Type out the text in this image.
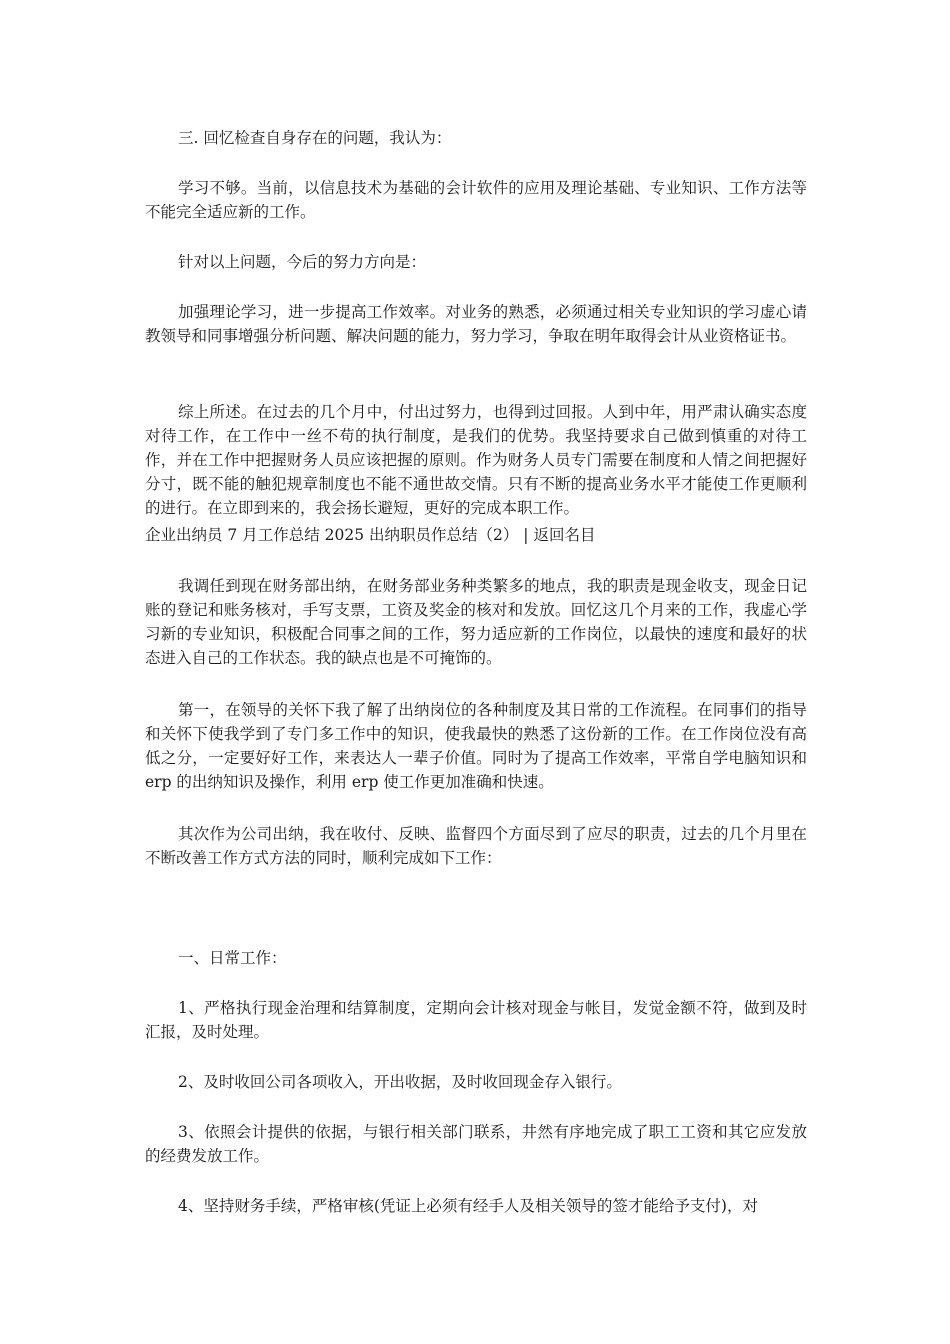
三. 回忆检查自身存在的问题，我认为：

学习不够。当前，以信息技术为基础的会计软件的应用及理论基础、专业知识、工作方法等不能完全适应新的工作。

针对以上问题，今后的努力方向是：

加强理论学习，进一步提高工作效率。对业务的熟悉，必须通过相关专业知识的学习虚心请教领导和同事增强分析问题、解决问题的能力，努力学习，争取在明年取得会计从业资格证书。

综上所述。在过去的几个月中，付出过努力，也得到过回报。人到中年，用严肃认确实态度对待工作，在工作中一丝不苟的执行制度，是我们的优势。我坚持要求自己做到慎重的对待工作，并在工作中把握财务人员应该把握的原则。作为财务人员专门需要在制度和人情之间把握好分寸，既不能的触犯规章制度也不能不通世故交情。只有不断的提高业务水平才能使工作更顺利的进行。在立即到来的，我会扬长避短，更好的完成本职工作。

企业出纳员 7 月工作总结 2025 出纳职员作总结（2） | 返回名目

我调任到现在财务部出纳，在财务部业务种类繁多的地点，我的职责是现金收支，现金日记账的登记和账务核对，手写支票，工资及奖金的核对和发放。回忆这几个月来的工作，我虚心学习新的专业知识，积极配合同事之间的工作，努力适应新的工作岗位，以最快的速度和最好的状态进入自己的工作状态。我的缺点也是不可掩饰的。

第一，在领导的关怀下我了解了出纳岗位的各种制度及其日常的工作流程。在同事们的指导和关怀下使我学到了专门多工作中的知识，使我最快的熟悉了这份新的工作。在工作岗位没有高低之分，一定要好好工作，来表达人一辈子价值。同时为了提高工作效率，平常自学电脑知识和 erp 的出纳知识及操作，利用 erp 使工作更加准确和快速。

其次作为公司出纳，我在收付、反映、监督四个方面尽到了应尽的职责，过去的几个月里在不断改善工作方式方法的同时，顺利完成如下工作：

一、日常工作：

1、严格执行现金治理和结算制度，定期向会计核对现金与帐目，发觉金额不符，做到及时汇报，及时处理。

2、及时收回公司各项收入，开出收据，及时收回现金存入银行。

3、依照会计提供的依据，与银行相关部门联系，井然有序地完成了职工工资和其它应发放的经费发放工作。

4、坚持财务手续，严格审核(凭证上必须有经手人及相关领导的签才能给予支付)，对
